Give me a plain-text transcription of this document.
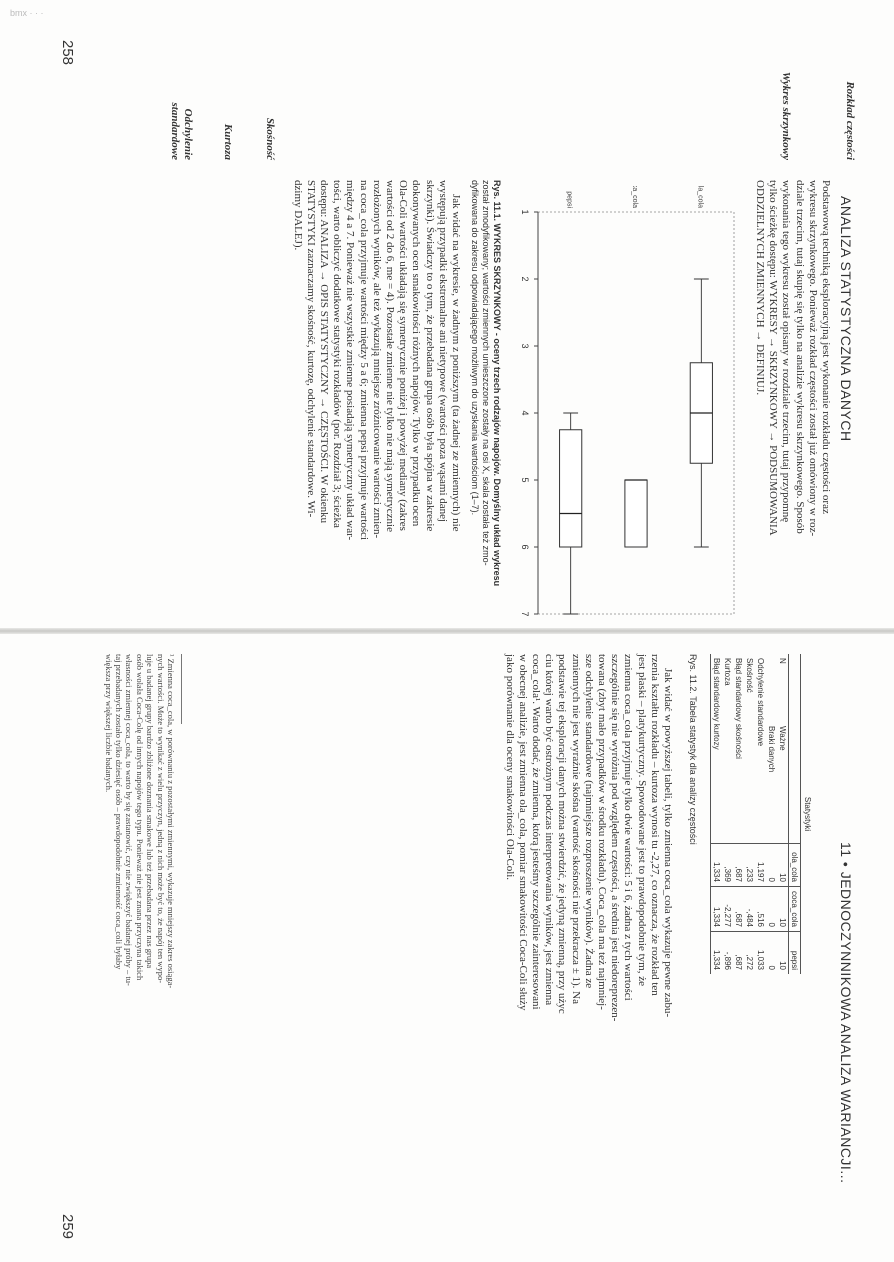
258
ANALIZA STATYSTYCZNA DANYCH
Rozkład częstości
Wykres skrzynkowy
Skośność
Kurtoza
Odchylenie
standardowe
Podstawową techniką eksploracyjną jest wykonanie rozkładu częstości oraz
wykresu skrzynkowego. Ponieważ rozkład częstości został już omówiony w roz-
dziale trzecim, tutaj skupię się tylko na analizie wykresu skrzynkowego. Sposób
wykonania tego wykresu został opisany w rozdziale trzecim, tutaj przypomnę
tylko ścieżkę dostępu: WYKRESY → SKRZYNKOWY → PODSUMOWANIA
ODDZIELNYCH ZMIENNYCH → DEFINIUJ.
1
2
3
4
5
6
7
ola_cola
coca_cola
pepsi
Rys. 11.1. WYKRES SKRZYNKOWY - oceny trzech rodzajów napojów. Domyślny układ wykresu
został zmodyfikowany; wartości zmiennych umieszczone zostały na osi X, skala została też zmo-
dyfikowana do zakresu odpowiadającego możliwym do uzyskania wartościom (1–7).
Jak widać na wykresie, w żadnym z poniższym (ta żadnej ze zmiennych) nie
występują przypadki ekstremalne ani nietypowe (wartości poza wąsami danej
skrzynki). Świadczy to o tym, że przebadana grupa osób była spójna w zakresie
dokonywanych ocen smakowitości różnych napojów. Tylko w przypadku ocen
Ola-Coli wartości układają się symetrycznie poniżej i powyżej mediany (zakres
wartości od 2 do 6, me = 4). Pozostałe zmienne nie tylko nie mają symetrycznie
rozłożonych wyników, ale też wykazują mniejsze zróżnicowanie wartości zmien-
na coca_cola przyjmuje wartości między 5 a 6; zmienna pepsi przyjmuje wartości
między 4 a 7. Ponieważ nie wszystkie zmienne posiadają symetryczny układ war-
tości, warto obliczyć dodatkowe statystyki rozkładów (por. Rozdział 3; ścieżka
dostępu: ANALIZA → OPIS STATYSTYCZNY → CZĘSTOŚCI. W okienku
STATYSTYKI zaznaczamy skośność, kurtozę, odchylenie standardowe. Wi-
dzimy DALEJ).
11 • JEDNOCZYNNIKOWA ANALIZA WARIANCJI...
259
Statystyki
		ola_cola	coca_cola	pepsi
N	Ważne	10	10	10
	Braki danych	0	0	0
Odchylenie standardowe		1,197	,516	1,033
Skośność		,233	-,484	,272
Błąd standardowy skośności		,687	,687	,687
Kurtoza		,369	-2,277	-,896
Błąd standardowy kurtozy		1,334	1,334	1,334
Rys. 11.2. Tabela statystyk dla analizy częstości
Jak widać w powyższej tabeli, tylko zmienna coca_cola wykazuje pewne zabu-
rzenia kształtu rozkładu – kurtoza wynosi tu -2,27, co oznacza, że rozkład ten
jest płaski – platykurtyczny. Spowodowane jest to prawdopodobnie tym, że
zmienna coca_cola przyjmuje tylko dwie wartości: 5 i 6, żadna z tych wartości
szczególnie się nie wyróżnia pod względem częstości, a średnia jest niedoreprezen-
towana (zbyt mało przypadków w środku rozkładu). Coca_cola ma też najmniej-
sze odchylenie standardowe (najmniejsze rozproszenie wyników). Żadna ze
zmiennych nie jest wyraźnie skośna (wartość skośności nie przekracza ± 1). Na
podstawie tej eksploracji danych można stwierdzić, że jedyną zmienną, przy użyc
ciu której warto być ostrożnym podczas interpretowania wyników, jest zmienna
coca_cola¹. Warto dodać, że zmienna, którą jesteśmy szczególnie zainteresowani
w obecnej analizie, jest zmienna ola_cola, pomiar smakowitości Coca-Coli służy
jako porównanie dla oceny smakowitości Ola-Coli.
¹ Zmienna coca_cola, w porównaniu z pozostałymi zmiennymi, wykazuje mniejszy zakres osiąga-
nych wartości. Może to wynikać z wielu przyczyn, jedną z nich może być to, że napój ten wypo-
luje u badanej grupy bardzo zbliżone doznania smakowe lub też przebadana przez nas grupa
osób wolała Coca-Colę od innych napojów tego typu. Ponieważ nie jest znana przyczyna takich
własności zmiennej coca_cola, to warto by się zastanowić, czy nie zwiększyć badanej próby – tu-
taj przebadanych zostało tylko dziesięć osób – prawdopodobnie zmienność coca_coli byłaby
większa przy większej liczbie badanych.
bmx · · ·
